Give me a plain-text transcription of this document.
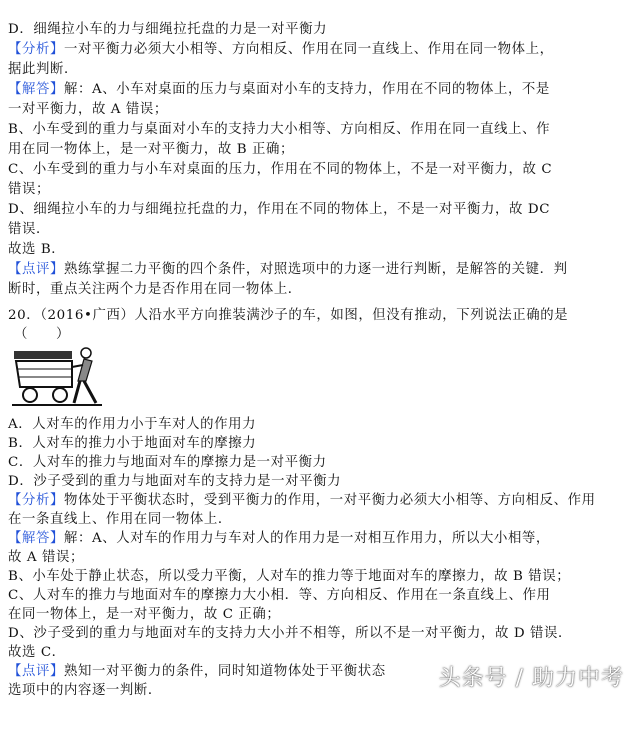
D．细绳拉小车的力与细绳拉托盘的力是一对平衡力
【分析】一对平衡力必须大小相等、方向相反、作用在同一直线上、作用在同一物体上，
据此判断．
【解答】解：A、小车对桌面的压力与桌面对小车的支持力，作用在不同的物体上，不是
一对平衡力，故 A 错误；
B、小车受到的重力与桌面对小车的支持力大小相等、方向相反、作用在同一直线上、作
用在同一物体上，是一对平衡力，故 B 正确；
C、小车受到的重力与小车对桌面的压力，作用在不同的物体上，不是一对平衡力，故 C
错误；
D、细绳拉小车的力与细绳拉托盘的力，作用在不同的物体上，不是一对平衡力，故 DC
错误．
故选 B．
【点评】熟练掌握二力平衡的四个条件，对照选项中的力逐一进行判断，是解答的关键．判
断时，重点关注两个力是否作用在同一物体上．
20．（2016•广西）人沿水平方向推装满沙子的车，如图，但没有推动，下列说法正确的是
（　　）
A．人对车的作用力小于车对人的作用力
B．人对车的推力小于地面对车的摩擦力
C．人对车的推力与地面对车的摩擦力是一对平衡力
D．沙子受到的重力与地面对车的支持力是一对平衡力
【分析】物体处于平衡状态时，受到平衡力的作用，一对平衡力必须大小相等、方向相反、作用
在一条直线上、作用在同一物体上．
【解答】解：A、人对车的作用力与车对人的作用力是一对相互作用力，所以大小相等，
故 A 错误；
B、小车处于静止状态，所以受力平衡，人对车的推力等于地面对车的摩擦力，故 B 错误；
C、人对车的推力与地面对车的摩擦力大小相．等、方向相反、作用在一条直线上、作用
在同一物体上，是一对平衡力，故 C 正确；
D、沙子受到的重力与地面对车的支持力大小并不相等，所以不是一对平衡力，故 D 错误．
故选 C．
【点评】熟知一对平衡力的条件，同时知道物体处于平衡状态
选项中的内容逐一判断．	头条号 / 助力中考
